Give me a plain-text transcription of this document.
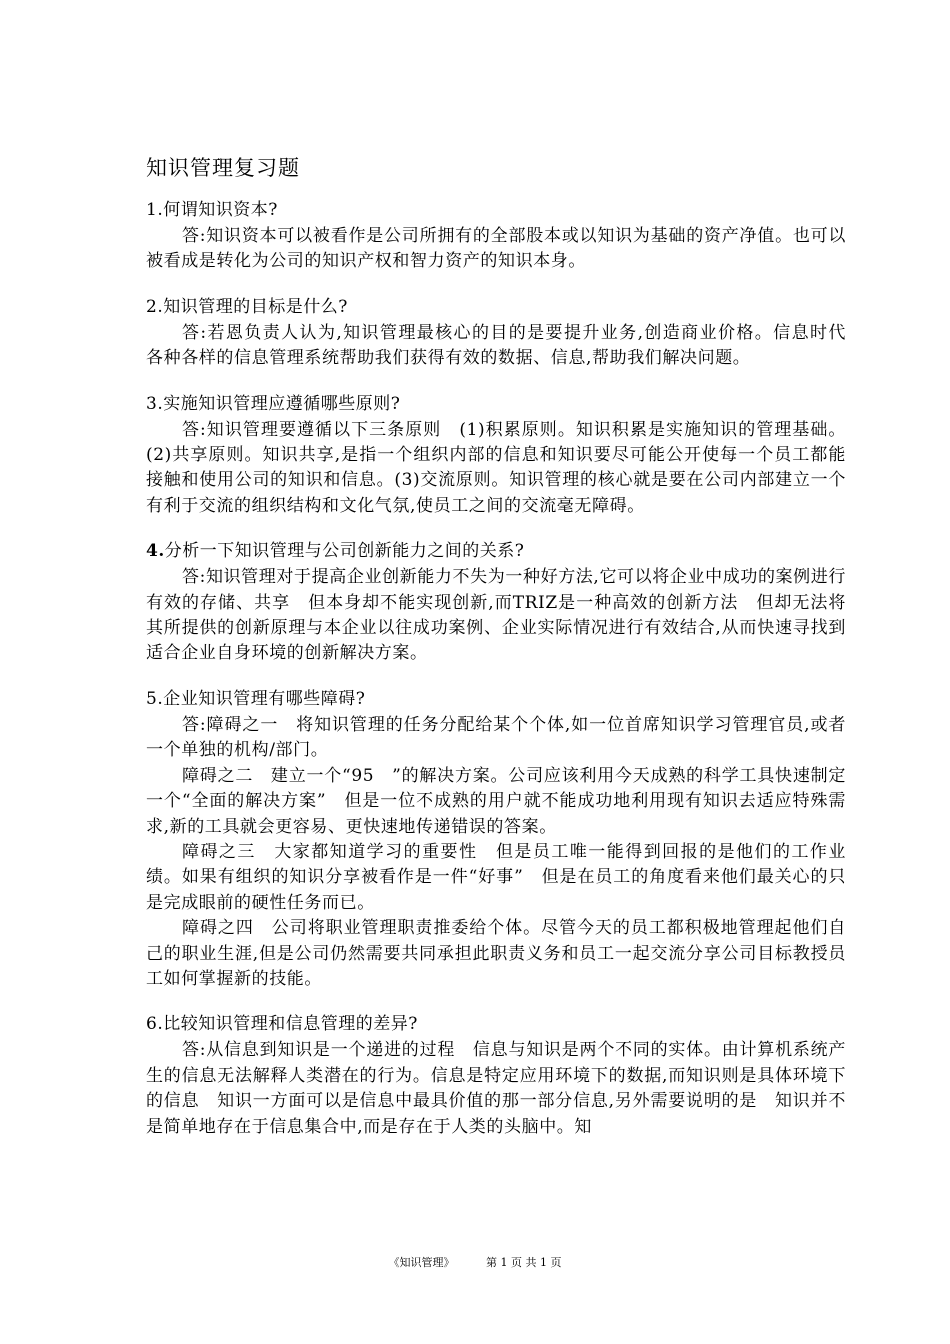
知识管理复习题

1.何谓知识资本?

答:知识资本可以被看作是公司所拥有的全部股本或以知识为基础的资产净值。也可以被看成是转化为公司的知识产权和智力资产的知识本身。

2.知识管理的目标是什么?

答:若恩负责人认为,知识管理最核心的目的是要提升业务,创造商业价格。信息时代　各种各样的信息管理系统帮助我们获得有效的数据、信息,帮助我们解决问题。

3.实施知识管理应遵循哪些原则?

答:知识管理要遵循以下三条原则　(1)积累原则。知识积累是实施知识的管理基础。(2)共享原则。知识共享,是指一个组织内部的信息和知识要尽可能公开使每一个员工都能接触和使用公司的知识和信息。(3)交流原则。知识管理的核心就是要在公司内部建立一个有利于交流的组织结构和文化气氛,使员工之间的交流毫无障碍。

4.分析一下知识管理与公司创新能力之间的关系?

答:知识管理对于提高企业创新能力不失为一种好方法,它可以将企业中成功的案例进行有效的存储、共享　但本身却不能实现创新,而TRIZ是一种高效的创新方法　但却无法将其所提供的创新原理与本企业以往成功案例、企业实际情况进行有效结合,从而快速寻找到适合企业自身环境的创新解决方案。

5.企业知识管理有哪些障碍?

答:障碍之一　将知识管理的任务分配给某个个体,如一位首席知识学习管理官员,或者一个单独的机构/部门。

障碍之二　建立一个“95　”的解决方案。公司应该利用今天成熟的科学工具快速制定一个“全面的解决方案”　但是一位不成熟的用户就不能成功地利用现有知识去适应特殊需求,新的工具就会更容易、更快速地传递错误的答案。

障碍之三　大家都知道学习的重要性　但是员工唯一能得到回报的是他们的工作业绩。如果有组织的知识分享被看作是一件“好事”　但是在员工的角度看来他们最关心的只是完成眼前的硬性任务而已。

障碍之四　公司将职业管理职责推委给个体。尽管今天的员工都积极地管理起他们自己的职业生涯,但是公司仍然需要共同承担此职责义务和员工一起交流分享公司目标教授员工如何掌握新的技能。

6.比较知识管理和信息管理的差异?

答:从信息到知识是一个递进的过程　信息与知识是两个不同的实体。由计算机系统产生的信息无法解释人类潜在的行为。信息是特定应用环境下的数据,而知识则是具体环境下的信息　知识一方面可以是信息中最具价值的那一部分信息,另外需要说明的是　知识并不是简单地存在于信息集合中,而是存在于人类的头脑中。知

《知识管理》	第 1 页 共 1 页
